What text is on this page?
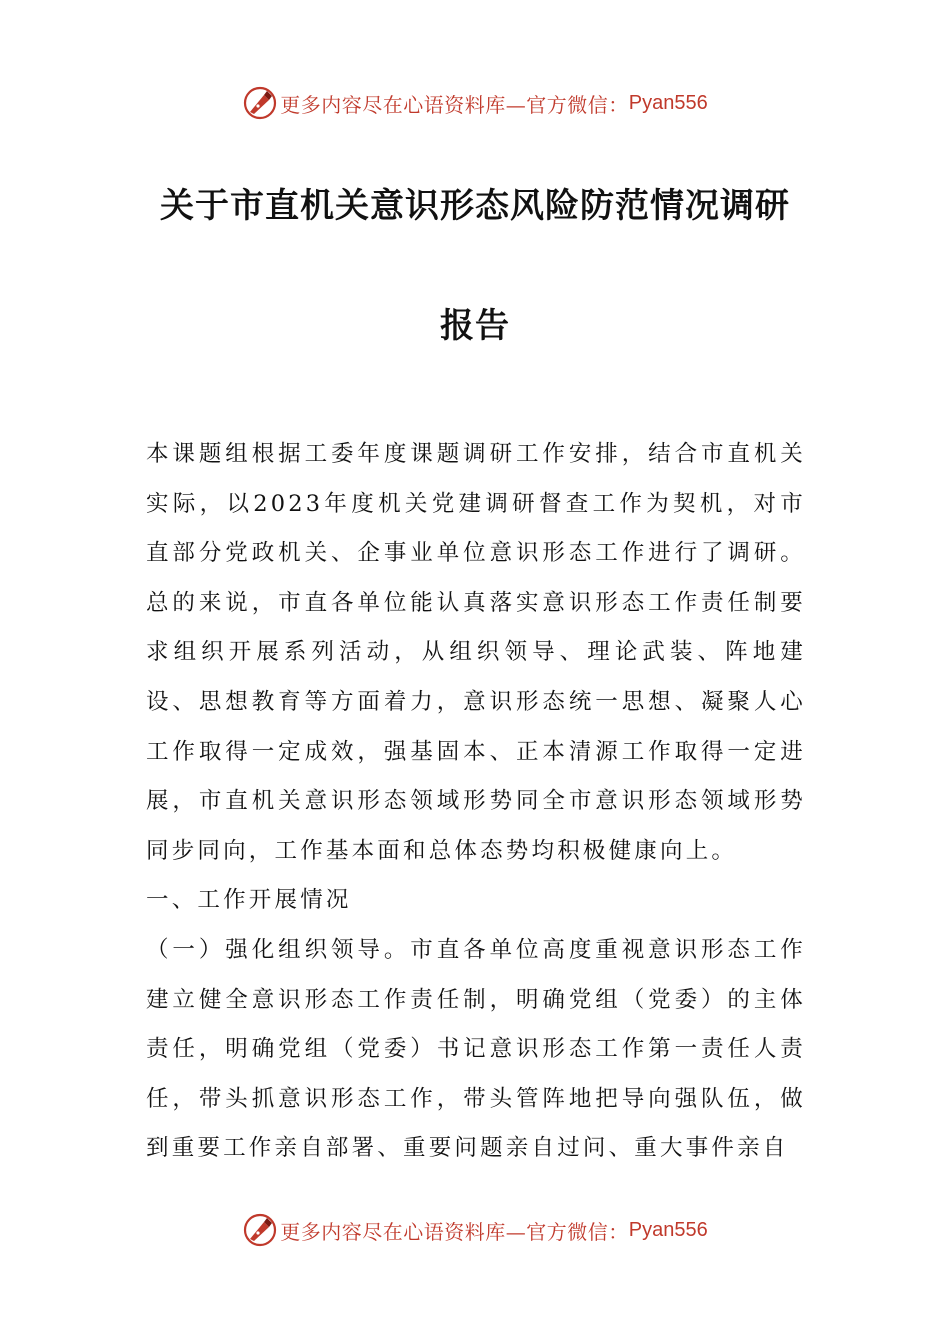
更多内容尽在心语资料库—官方微信： Pyan556
关于市直机关意识形态风险防范情况调研
报告

本课题组根据工委年度课题调研工作安排，结合市直机关实际，以2023年度机关党建调研督查工作为契机，对市直部分党政机关、企事业单位意识形态工作进行了调研。总的来说，市直各单位能认真落实意识形态工作责任制要求组织开展系列活动，从组织领导、理论武装、阵地建设、思想教育等方面着力，意识形态统一思想、凝聚人心工作取得一定成效，强基固本、正本清源工作取得一定进展，市直机关意识形态领域形势同全市意识形态领域形势同步同向，工作基本面和总体态势均积极健康向上。

一、工作开展情况

（一）强化组织领导。市直各单位高度重视意识形态工作建立健全意识形态工作责任制，明确党组（党委）的主体责任，明确党组（党委）书记意识形态工作第一责任人责任，带头抓意识形态工作，带头管阵地把导向强队伍，做到重要工作亲自部署、重要问题亲自过问、重大事件亲自

更多内容尽在心语资料库—官方微信： Pyan556
